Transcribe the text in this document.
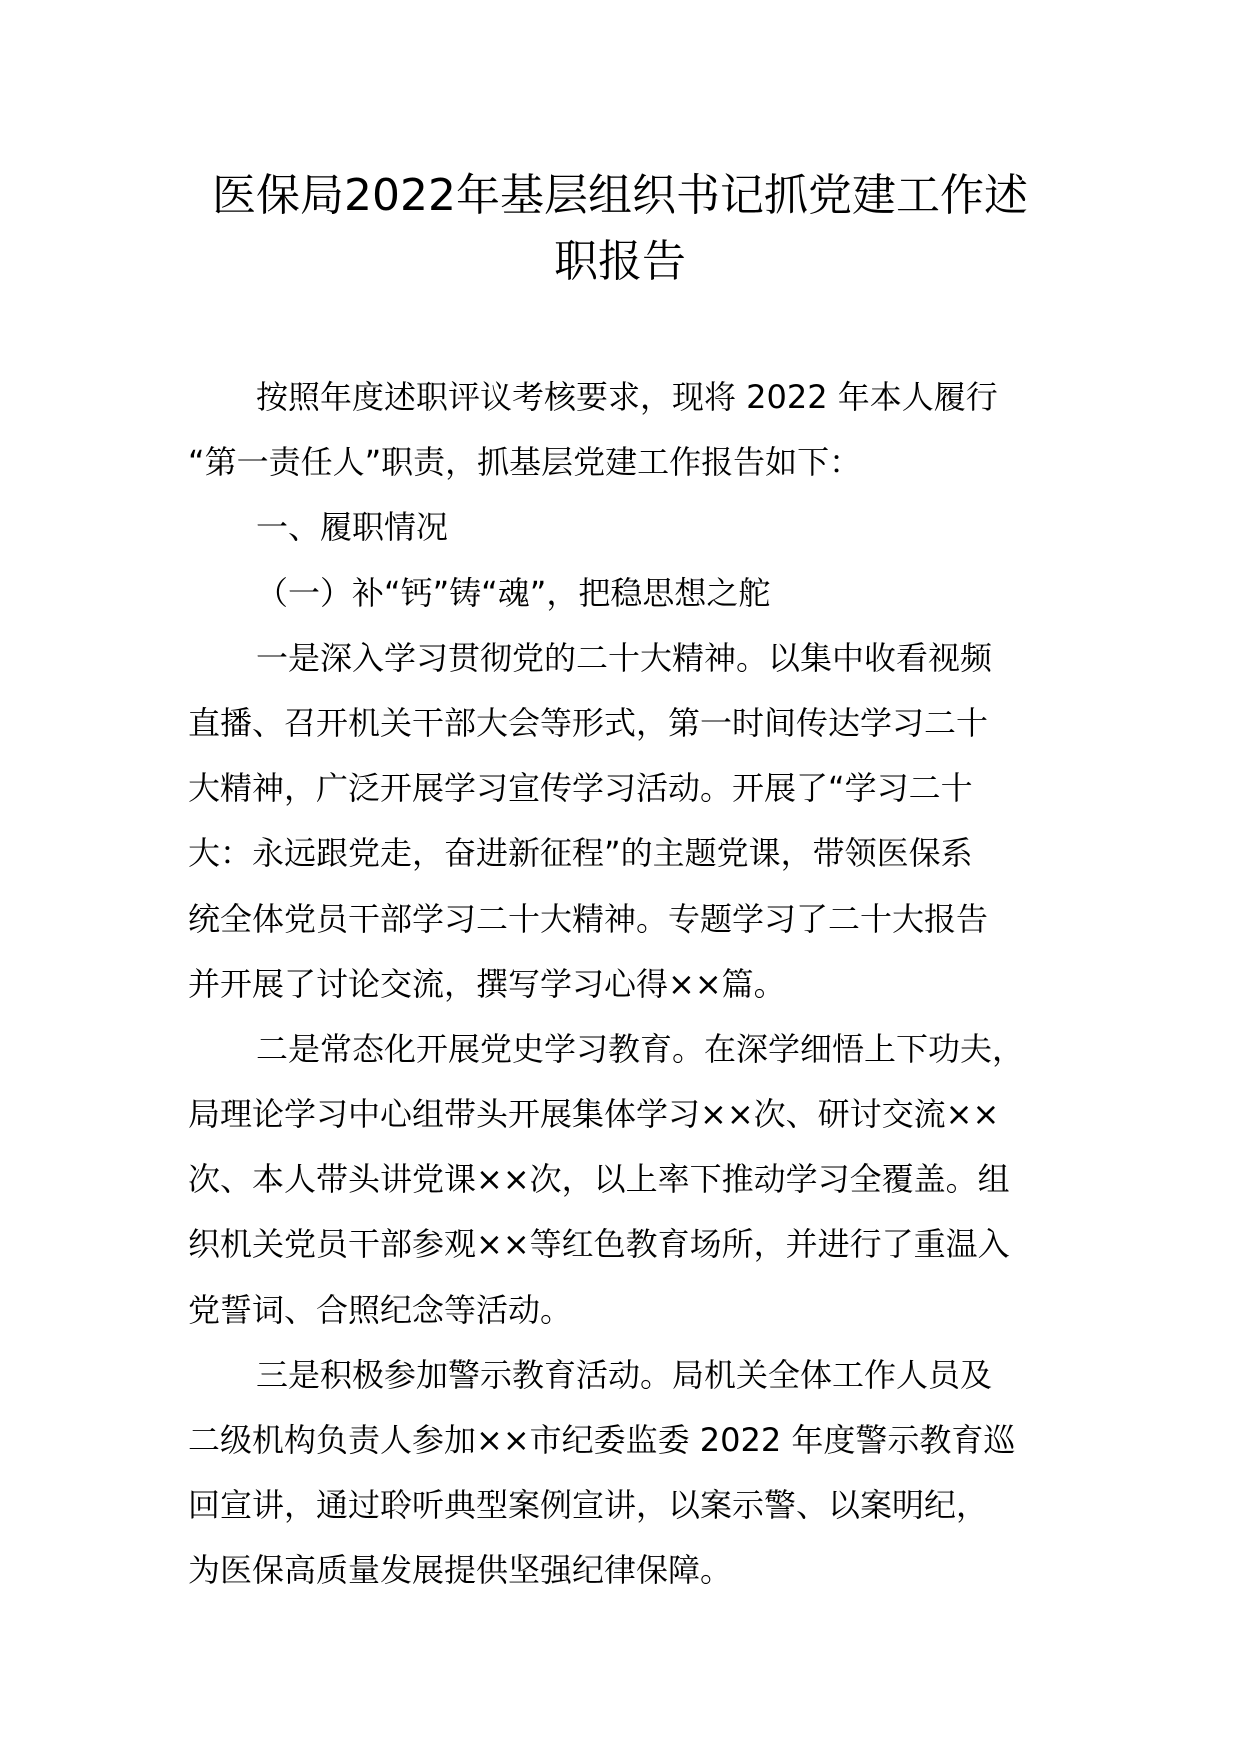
医保局2022年基层组织书记抓党建工作述
职报告
按照年度述职评议考核要求，现将 2022 年本人履行
“第一责任人”职责，抓基层党建工作报告如下：
一、履职情况
（一）补“钙”铸“魂”，把稳思想之舵
一是深入学习贯彻党的二十大精神。以集中收看视频
直播、召开机关干部大会等形式，第一时间传达学习二十
大精神，广泛开展学习宣传学习活动。开展了“学习二十
大：永远跟党走，奋进新征程”的主题党课，带领医保系
统全体党员干部学习二十大精神。专题学习了二十大报告
并开展了讨论交流，撰写学习心得××篇。
二是常态化开展党史学习教育。在深学细悟上下功夫，
局理论学习中心组带头开展集体学习××次、研讨交流××
次、本人带头讲党课××次，以上率下推动学习全覆盖。组
织机关党员干部参观××等红色教育场所，并进行了重温入
党誓词、合照纪念等活动。
三是积极参加警示教育活动。局机关全体工作人员及
二级机构负责人参加××市纪委监委 2022 年度警示教育巡
回宣讲，通过聆听典型案例宣讲，以案示警、以案明纪，
为医保高质量发展提供坚强纪律保障。
